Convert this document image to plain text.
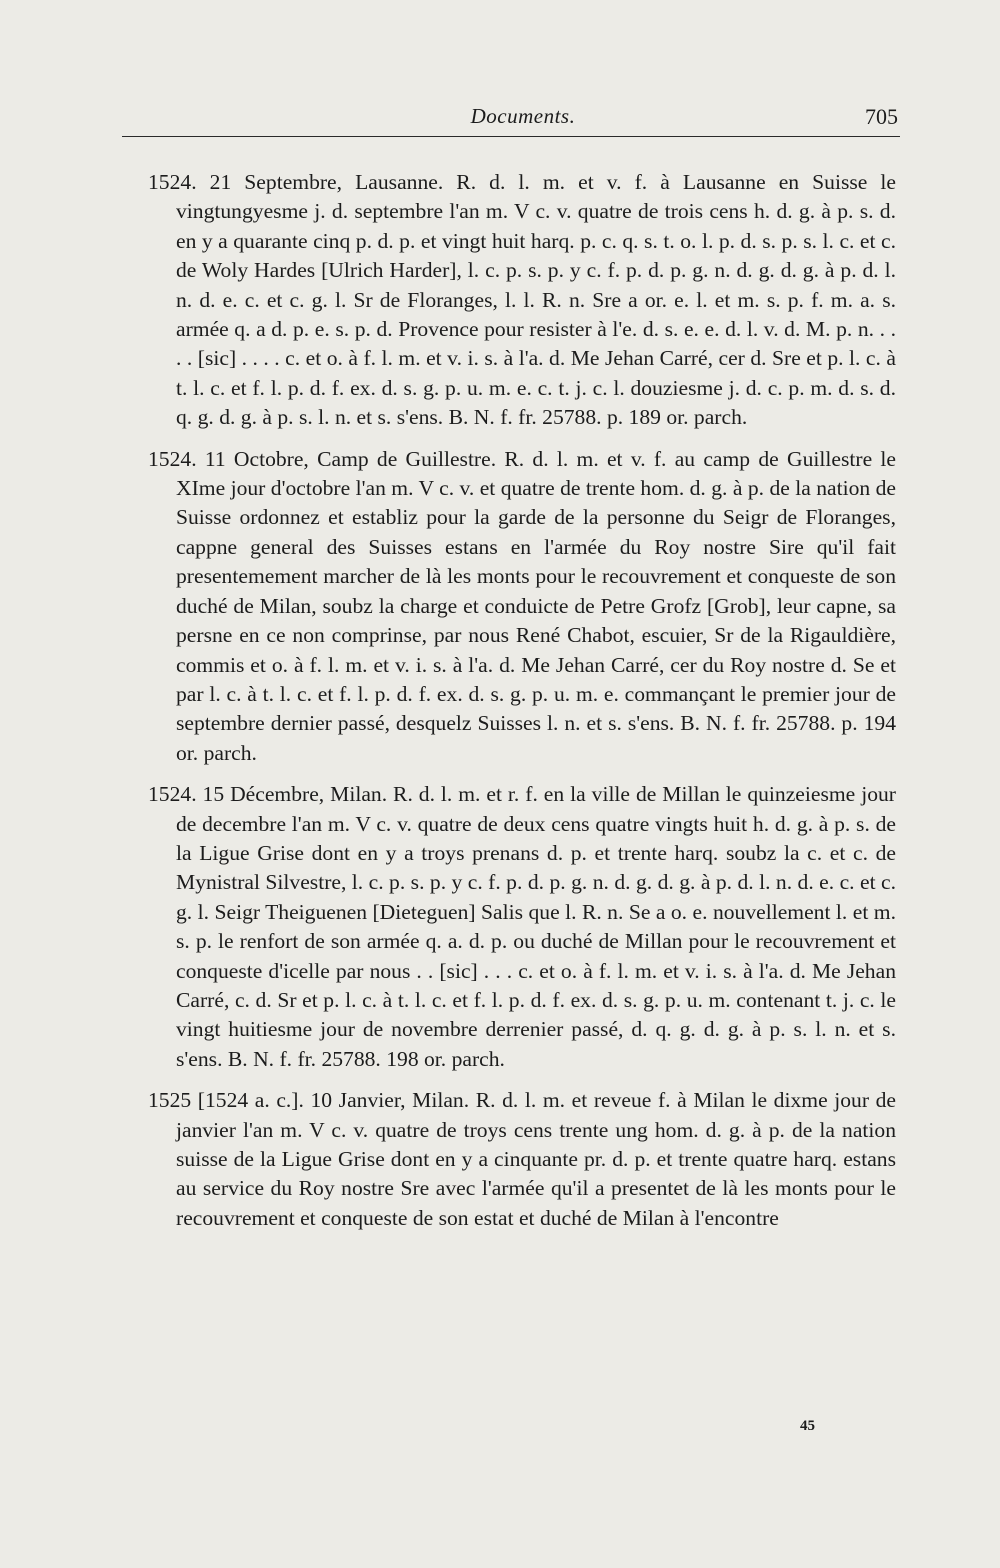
Documents.	705

1524. 21 Septembre, Lausanne. R. d. l. m. et v. f. à Lausanne en Suisse le vingtungyesme j. d. septembre l'an m. V c. v. quatre de trois cens h. d. g. à p. s. d. en y a quarante cinq p. d. p. et vingt huit harq. p. c. q. s. t. o. l. p. d. s. p. s. l. c. et c. de Woly Hardes [Ulrich Harder], l. c. p. s. p. y c. f. p. d. p. g. n. d. g. d. g. à p. d. l. n. d. e. c. et c. g. l. Sr de Floranges, l. l. R. n. Sre a or. e. l. et m. s. p. f. m. a. s. armée q. a d. p. e. s. p. d. Provence pour resister à l'e. d. s. e. e. d. l. v. d. M. p. n. . . . . [sic] . . . . c. et o. à f. l. m. et v. i. s. à l'a. d. Me Jehan Carré, cer d. Sre et p. l. c. à t. l. c. et f. l. p. d. f. ex. d. s. g. p. u. m. e. c. t. j. c. l. douziesme j. d. c. p. m. d. s. d. q. g. d. g. à p. s. l. n. et s. s'ens. B. N. f. fr. 25788. p. 189 or. parch.

1524. 11 Octobre, Camp de Guillestre. R. d. l. m. et v. f. au camp de Guillestre le XIme jour d'octobre l'an m. V c. v. et quatre de trente hom. d. g. à p. de la nation de Suisse ordonnez et establiz pour la garde de la personne du Seigr de Floranges, cappne general des Suisses estans en l'armée du Roy nostre Sire qu'il fait presentemement marcher de là les monts pour le recouvrement et conqueste de son duché de Milan, soubz la charge et conduicte de Petre Grofz [Grob], leur capne, sa persne en ce non comprinse, par nous René Chabot, escuier, Sr de la Rigauldière, commis et o. à f. l. m. et v. i. s. à l'a. d. Me Jehan Carré, cer du Roy nostre d. Se et par l. c. à t. l. c. et f. l. p. d. f. ex. d. s. g. p. u. m. e. commançant le premier jour de septembre dernier passé, desquelz Suisses l. n. et s. s'ens. B. N. f. fr. 25788. p. 194 or. parch.

1524. 15 Décembre, Milan. R. d. l. m. et r. f. en la ville de Millan le quinzeiesme jour de decembre l'an m. V c. v. quatre de deux cens quatre vingts huit h. d. g. à p. s. de la Ligue Grise dont en y a troys prenans d. p. et trente harq. soubz la c. et c. de Mynistral Silvestre, l. c. p. s. p. y c. f. p. d. p. g. n. d. g. d. g. à p. d. l. n. d. e. c. et c. g. l. Seigr Theiguenen [Dieteguen] Salis que l. R. n. Se a o. e. nouvellement l. et m. s. p. le renfort de son armée q. a. d. p. ou duché de Millan pour le recouvrement et conqueste d'icelle par nous . . [sic] . . . c. et o. à f. l. m. et v. i. s. à l'a. d. Me Jehan Carré, c. d. Sr et p. l. c. à t. l. c. et f. l. p. d. f. ex. d. s. g. p. u. m. contenant t. j. c. le vingt huitiesme jour de novembre derrenier passé, d. q. g. d. g. à p. s. l. n. et s. s'ens. B. N. f. fr. 25788. 198 or. parch.

1525 [1524 a. c.]. 10 Janvier, Milan. R. d. l. m. et reveue f. à Milan le dixme jour de janvier l'an m. V c. v. quatre de troys cens trente ung hom. d. g. à p. de la nation suisse de la Ligue Grise dont en y a cinquante pr. d. p. et trente quatre harq. estans au service du Roy nostre Sre avec l'armée qu'il a presentet de là les monts pour le recouvrement et conqueste de son estat et duché de Milan à l'encontre

45
